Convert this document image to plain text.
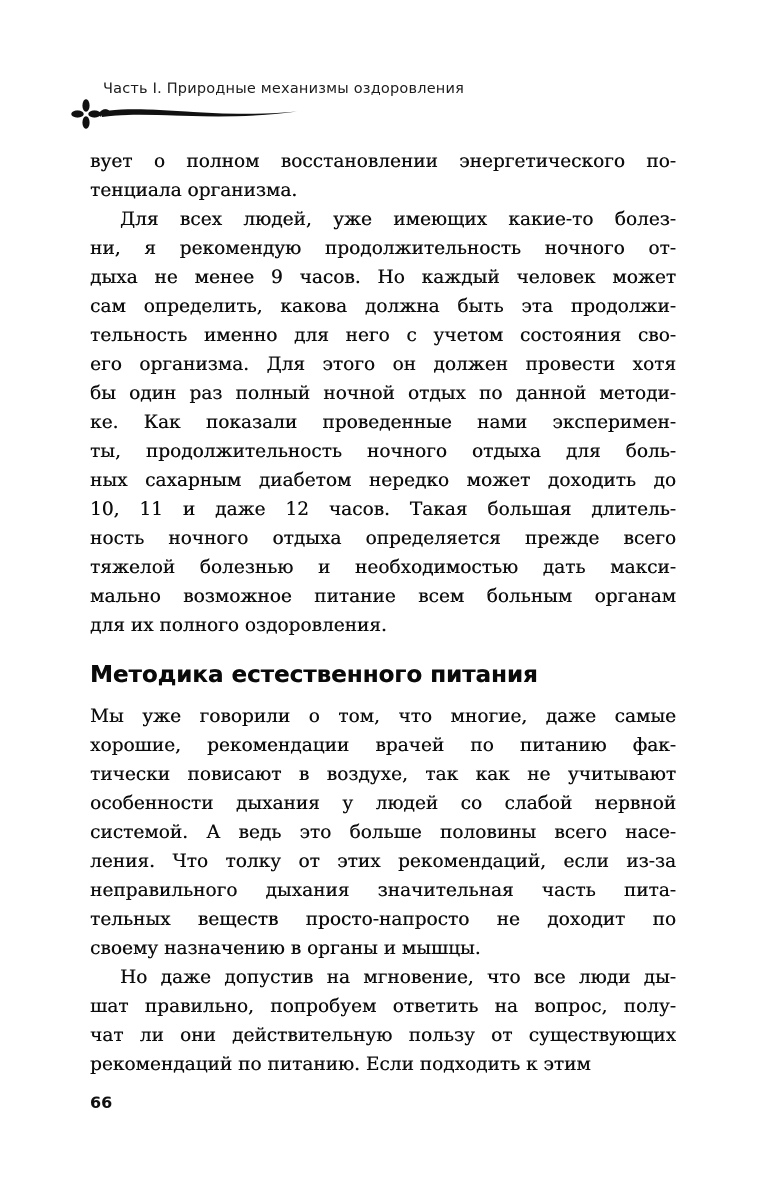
Часть I. Природные механизмы оздоровления
вует о полном восстановлении энергетического по-
тенциала организма.
Для всех людей, уже имеющих какие-то болез-
ни, я рекомендую продолжительность ночного от-
дыха не менее 9 часов. Но каждый человек может
сам определить, какова должна быть эта продолжи-
тельность именно для него с учетом состояния сво-
его организма. Для этого он должен провести хотя
бы один раз полный ночной отдых по данной методи-
ке. Как показали проведенные нами эксперимен-
ты, продолжительность ночного отдыха для боль-
ных сахарным диабетом нередко может доходить до
10, 11 и даже 12 часов. Такая большая длитель-
ность ночного отдыха определяется прежде всего
тяжелой болезнью и необходимостью дать макси-
мально возможное питание всем больным органам
для их полного оздоровления.
Методика естественного питания
Мы уже говорили о том, что многие, даже самые
хорошие, рекомендации врачей по питанию фак-
тически повисают в воздухе, так как не учитывают
особенности дыхания у людей со слабой нервной
системой. А ведь это больше половины всего насе-
ления. Что толку от этих рекомендаций, если из-за
неправильного дыхания значительная часть пита-
тельных веществ просто-напросто не доходит по
своему назначению в органы и мышцы.
Но даже допустив на мгновение, что все люди ды-
шат правильно, попробуем ответить на вопрос, полу-
чат ли они действительную пользу от существующих
рекомендаций по питанию. Если подходить к этим
66
